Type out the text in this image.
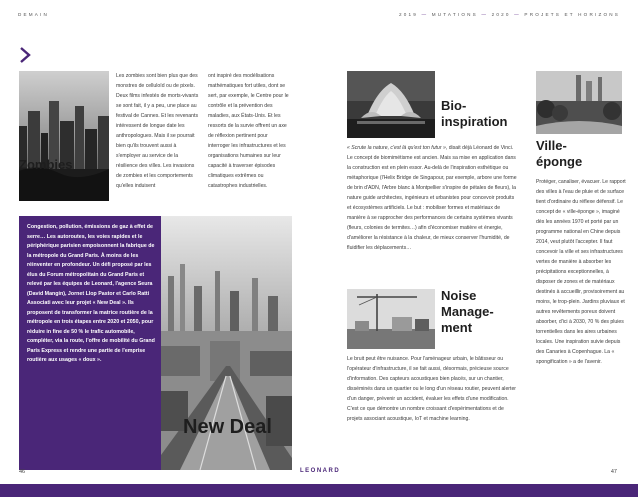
DEMAIN	2019 — MUTATIONS — 2020 — PROJETS ET HORIZONS
Zombies
Les zombies sont bien plus que des monstres de celluloïd ou de pixels. Deux films infestés de morts-vivants se sont fait, il y a peu, une place au festival de Cannes. Et les revenants intéressent de longue date les anthropologues. Mais il se pourrait bien qu'ils trouvent aussi à s'employer au service de la résilience des villes. Les invasions de zombies et les comportements qu'elles induisent
ont inspiré des modélisations mathématiques fort utiles, dont se sert, par exemple, le Centre pour le contrôle et la prévention des maladies, aux États-Unis. Et les ressorts de la survie offrent un axe de réflexion pertinent pour interroger les infrastructures et les organisations humaines sur leur capacité à traverser épisodes climatiques extrêmes ou catastrophes industrielles.
Congestion, pollution, émissions de gaz à effet de serre… Les autoroutes, les voies rapides et le périphérique parisien empoisonnent la fabrique de la métropole du Grand Paris. À moins de les réinventer en profondeur. Un défi proposé par les élus du Forum métropolitain du Grand Paris et relevé par les équipes de Leonard, l'agence Seura (David Mangin), Jornet Llop Pastor et Carlo Ratti Associati avec leur projet « New Deal ». Ils proposent de transformer la matrice routière de la métropole en trois étapes entre 2020 et 2050, pour réduire in fine de 50 % le trafic automobile, compléter, via la route, l'offre de mobilité du Grand Paris Express et rendre une partie de l'emprise routière aux usages « doux ».
New Deal
Bio-
inspiration
« Scrute la nature, c'est là qu'est ton futur », disait déjà Léonard de Vinci. Le concept de biomimétisme est ancien. Mais sa mise en application dans la construction est en plein essor. Au-delà de l'inspiration esthétique ou métaphorique (l'Helix Bridge de Singapour, par exemple, arbore une forme de brin d'ADN, l'Arbre blanc à Montpellier s'inspire de pétales de fleurs), la nature guide architectes, ingénieurs et urbanistes pour concevoir produits et écosystèmes artificiels. Le but : mobiliser formes et matériaux de manière à se rapprocher des performances de certains systèmes vivants (fleurs, colonies de termites…) afin d'économiser matière et énergie, d'améliorer la résistance à la chaleur, de mieux conserver l'humidité, de fluidifier les déplacements…
Noise
Manage-
ment
Le bruit peut être nuisance. Pour l'aménageur urbain, le bâtisseur ou l'opérateur d'infrastructure, il se fait aussi, désormais, précieuse source d'information. Des capteurs acoustiques bien placés, sur un chantier, disséminés dans un quartier ou le long d'un réseau routier, peuvent alerter d'un danger, prévenir un accident, évaluer les effets d'une modification. C'est ce que démontre un nombre croissant d'expérimentations et de projets associant acoustique, IoT et machine learning.
Ville-
éponge
Protéger, canaliser, évacuer. Le rapport des villes à l'eau de pluie et de surface tient d'ordinaire du réflexe défensif. Le concept de « ville-éponge », imaginé dès les années 1970 et porté par un programme national en Chine depuis 2014, veut plutôt l'accepter. Il faut concevoir la ville et ses infrastructures vertes de manière à absorber les précipitations exceptionnelles, à disposer de zones et de matériaux destinés à accueillir, provisoirement au moins, le trop-plein. Jardins pluviaux et autres revêtements poreux doivent absorber, d'ici à 2030, 70 % des pluies torrentielles dans les aires urbaines locales. Une inspiration suivie depuis des Canaries à Copenhague. La « spongification » a de l'avenir.
46	LEONARD	47
